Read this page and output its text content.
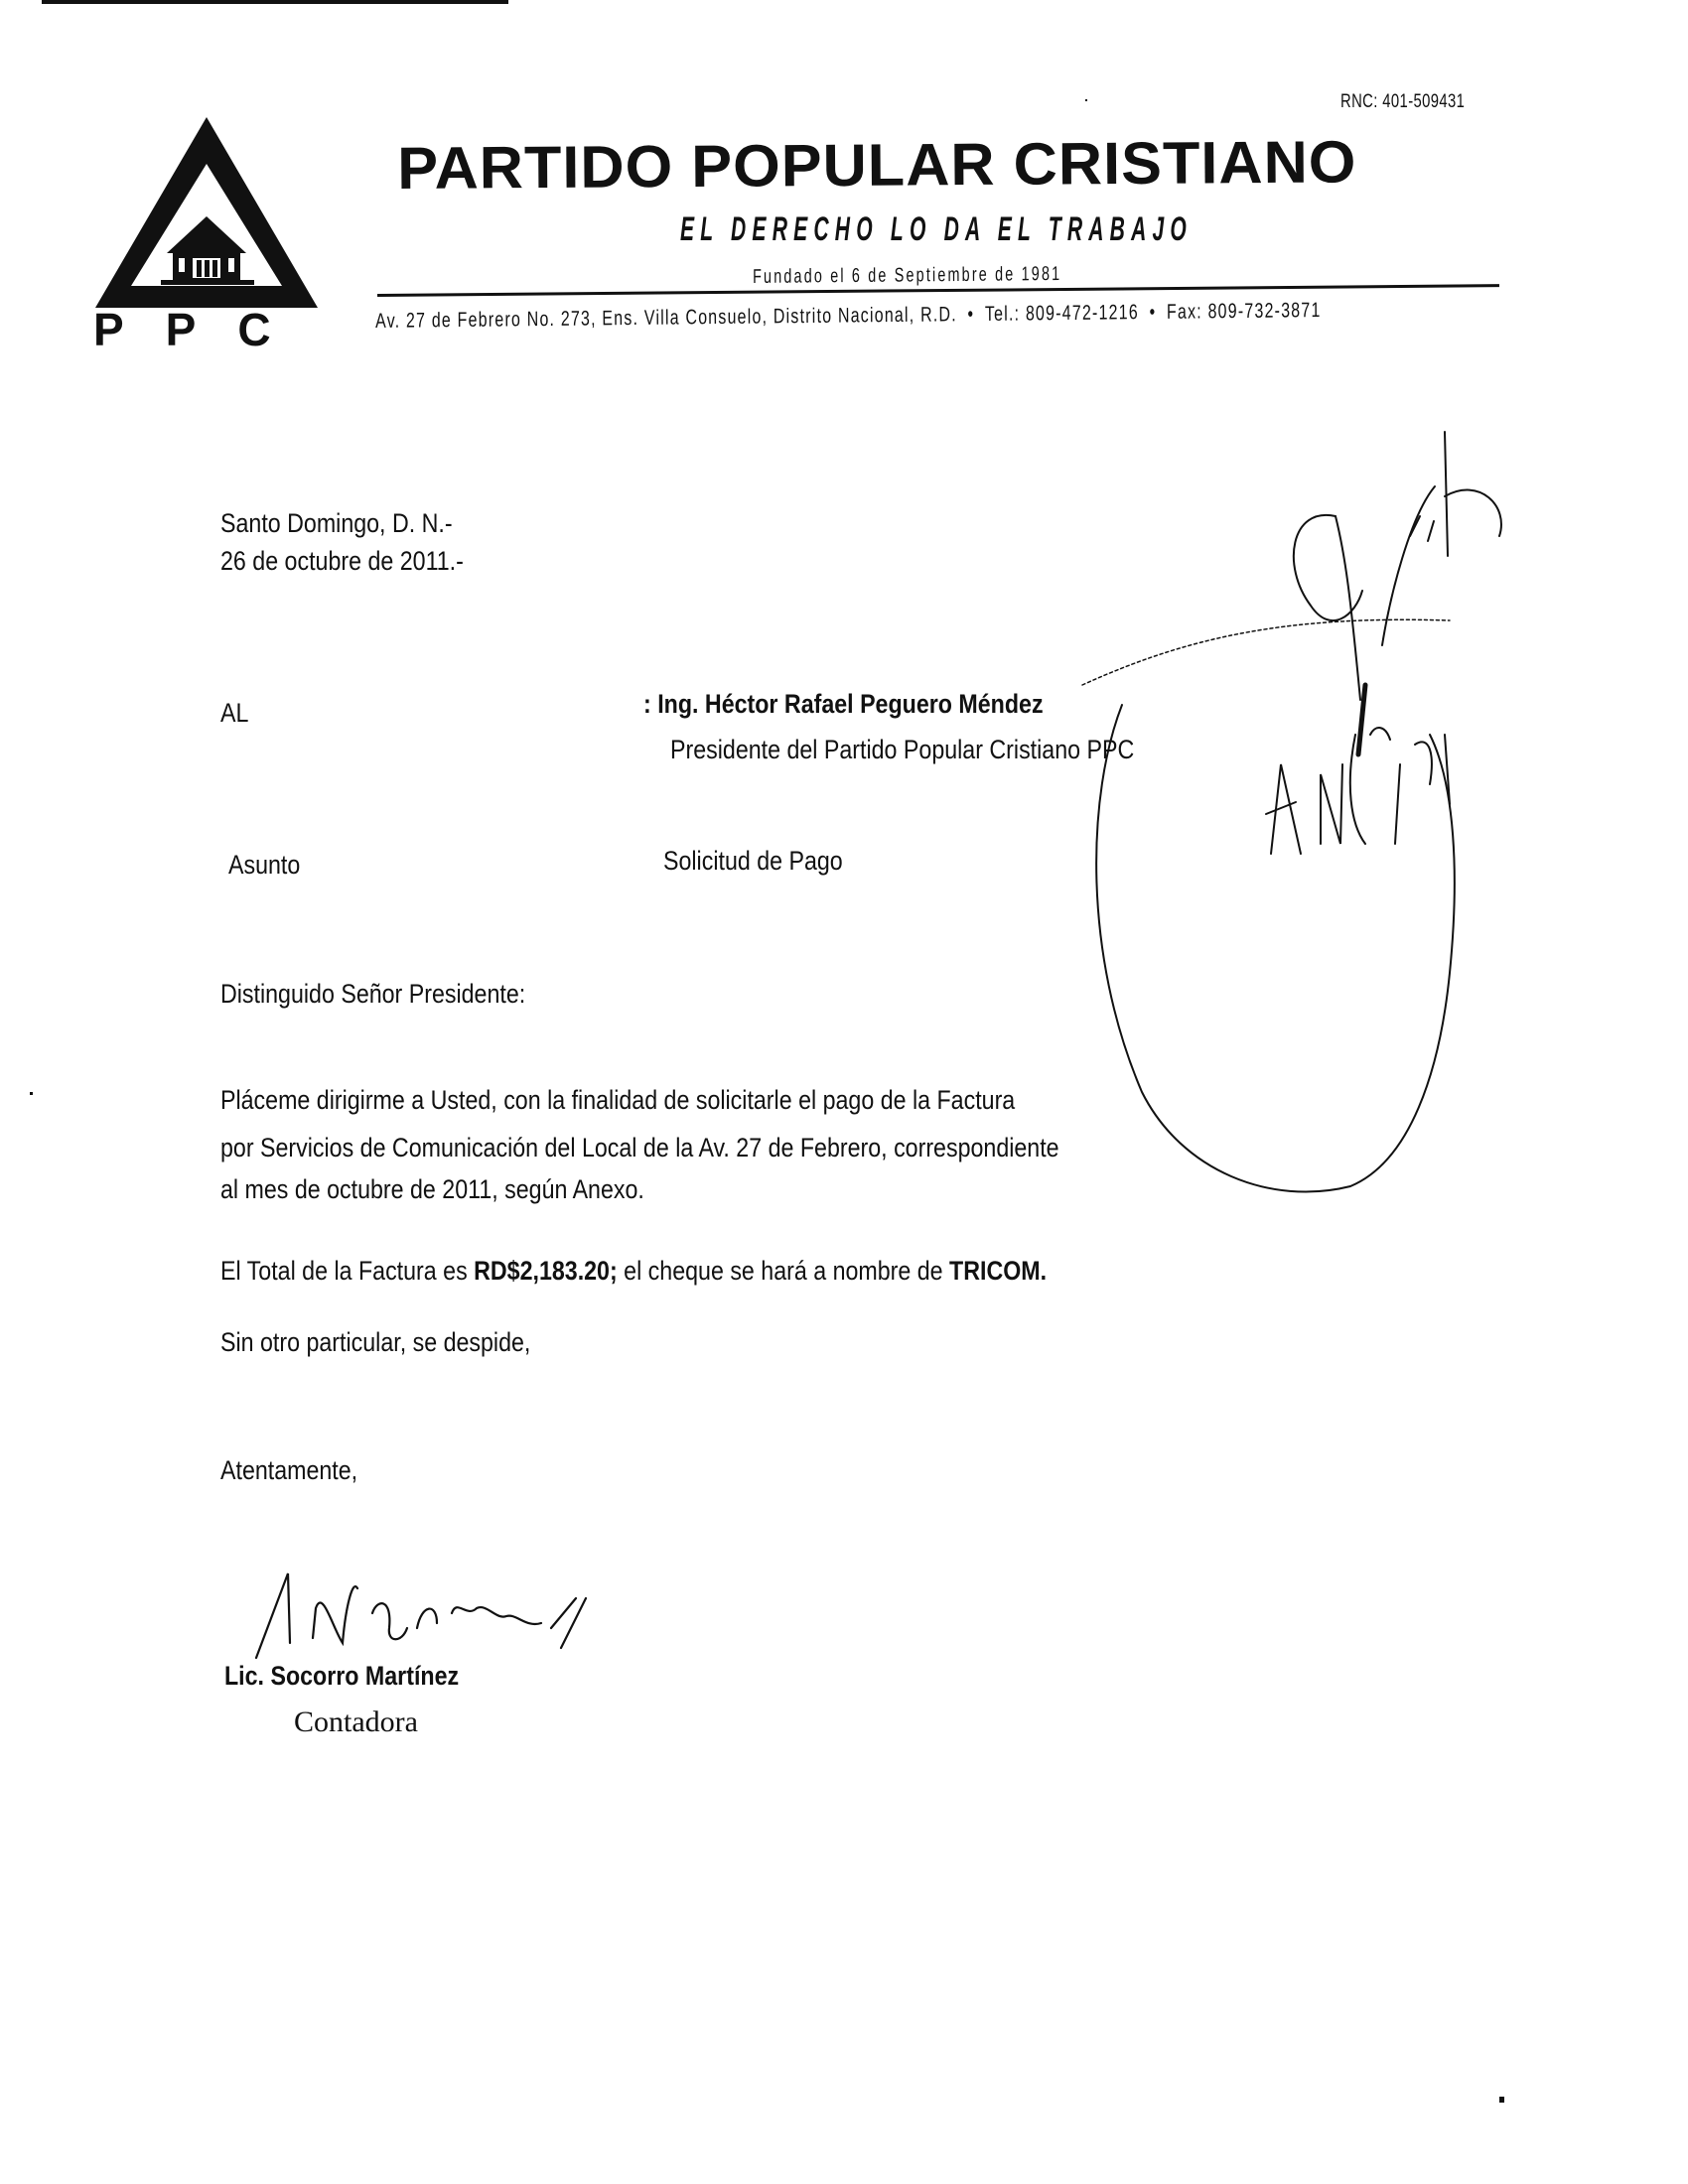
PPC
RNC: 401-509431
PARTIDO POPULAR CRISTIANO
EL DERECHO LO DA EL TRABAJO
Fundado el 6 de Septiembre de 1981
Av. 27 de Febrero No. 273, Ens. Villa Consuelo, Distrito Nacional, R.D. • Tel.: 809-472-1216 • Fax: 809-732-3871
Santo Domingo, D. N.-
26 de octubre de 2011.-
AL	: Ing. Héctor Rafael Peguero Méndez
Presidente del Partido Popular Cristiano PPC
Asunto	Solicitud de Pago
Distinguido Señor Presidente:
Pláceme dirigirme a Usted, con la finalidad de solicitarle el pago de la Factura
por Servicios de Comunicación del Local de la Av. 27 de Febrero, correspondiente
al mes de octubre de 2011, según Anexo.
El Total de la Factura es RD$2,183.20; el cheque se hará a nombre de TRICOM.
Sin otro particular, se despide,
Atentamente,
Lic. Socorro Martínez
Contadora
